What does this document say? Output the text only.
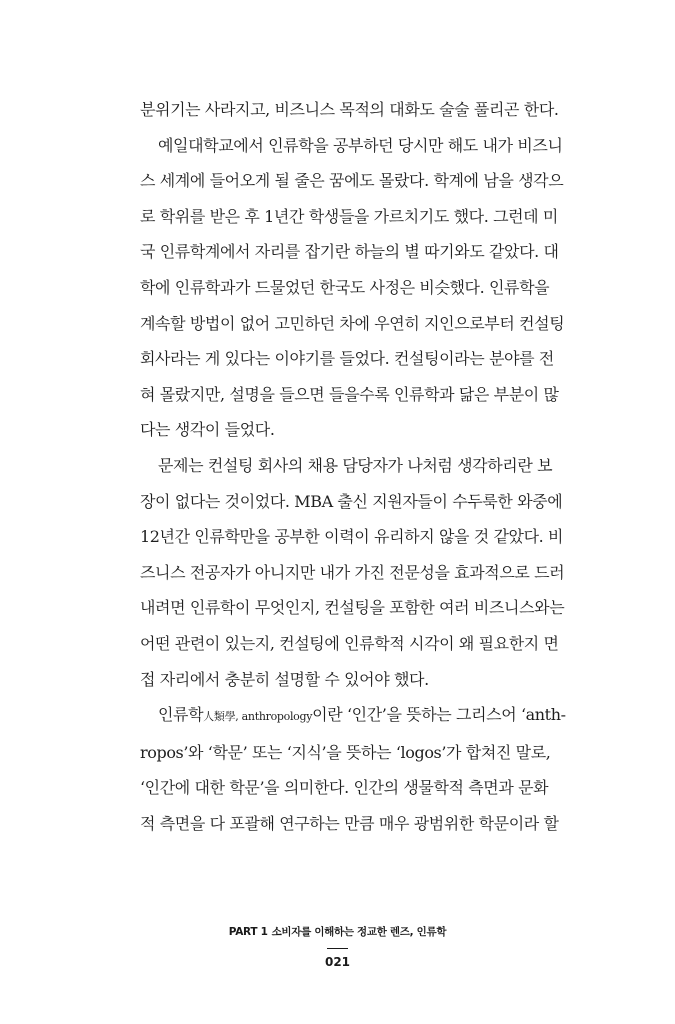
분위기는 사라지고, 비즈니스 목적의 대화도 술술 풀리곤 한다.

예일대학교에서 인류학을 공부하던 당시만 해도 내가 비즈니
스 세계에 들어오게 될 줄은 꿈에도 몰랐다. 학계에 남을 생각으
로 학위를 받은 후 1년간 학생들을 가르치기도 했다. 그런데 미
국 인류학계에서 자리를 잡기란 하늘의 별 따기와도 같았다. 대
학에 인류학과가 드물었던 한국도 사정은 비슷했다. 인류학을
계속할 방법이 없어 고민하던 차에 우연히 지인으로부터 컨설팅
회사라는 게 있다는 이야기를 들었다. 컨설팅이라는 분야를 전
혀 몰랐지만, 설명을 들으면 들을수록 인류학과 닮은 부분이 많
다는 생각이 들었다.

문제는 컨설팅 회사의 채용 담당자가 나처럼 생각하리란 보
장이 없다는 것이었다. MBA 출신 지원자들이 수두룩한 와중에
12년간 인류학만을 공부한 이력이 유리하지 않을 것 같았다. 비
즈니스 전공자가 아니지만 내가 가진 전문성을 효과적으로 드러
내려면 인류학이 무엇인지, 컨설팅을 포함한 여러 비즈니스와는
어떤 관련이 있는지, 컨설팅에 인류학적 시각이 왜 필요한지 면
접 자리에서 충분히 설명할 수 있어야 했다.

인류학人類學, anthropology이란 ‘인간’을 뜻하는 그리스어 ‘anth-
ropos’와 ‘학문’ 또는 ‘지식’을 뜻하는 ‘logos’가 합쳐진 말로,
‘인간에 대한 학문’을 의미한다. 인간의 생물학적 측면과 문화
적 측면을 다 포괄해 연구하는 만큼 매우 광범위한 학문이라 할

PART 1 소비자를 이해하는 정교한 렌즈, 인류학
021
